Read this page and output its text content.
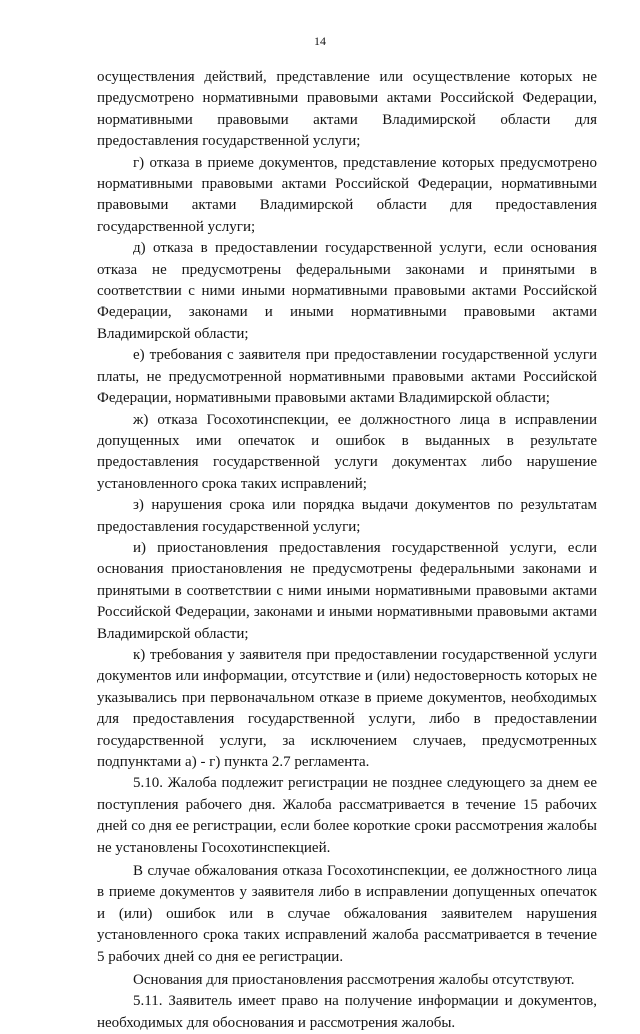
14

осуществления действий, представление или осуществление которых не предусмотрено нормативными правовыми актами Российской Федерации, нормативными правовыми актами Владимирской области для предоставления государственной услуги;

г) отказа в приеме документов, представление которых предусмотрено нормативными правовыми актами Российской Федерации, нормативными правовыми актами Владимирской области для предоставления государственной услуги;

д) отказа в предоставлении государственной услуги, если основания отказа не предусмотрены федеральными законами и принятыми в соответствии с ними иными нормативными правовыми актами Российской Федерации, законами и иными нормативными правовыми актами Владимирской области;

е) требования с заявителя при предоставлении государственной услуги платы, не предусмотренной нормативными правовыми актами Российской Федерации, нормативными правовыми актами Владимирской области;

ж) отказа Госохотинспекции, ее должностного лица в исправлении допущенных ими опечаток и ошибок в выданных в результате предоставления государственной услуги документах либо нарушение установленного срока таких исправлений;

з) нарушения срока или порядка выдачи документов по результатам предоставления государственной услуги;

и) приостановления предоставления государственной услуги, если основания приостановления не предусмотрены федеральными законами и принятыми в соответствии с ними иными нормативными правовыми актами Российской Федерации, законами и иными нормативными правовыми актами Владимирской области;

к) требования у заявителя при предоставлении государственной услуги документов или информации, отсутствие и (или) недостоверность которых не указывались при первоначальном отказе в приеме документов, необходимых для предоставления государственной услуги, либо в предоставлении государственной услуги, за исключением случаев, предусмотренных подпунктами а) - г) пункта 2.7 регламента.

5.10. Жалоба подлежит регистрации не позднее следующего за днем ее поступления рабочего дня. Жалоба рассматривается в течение 15 рабочих дней со дня ее регистрации, если более короткие сроки рассмотрения жалобы не установлены Госохотинспекцией.

В случае обжалования отказа Госохотинспекции, ее должностного лица в приеме документов у заявителя либо в исправлении допущенных опечаток и (или) ошибок или в случае обжалования заявителем нарушения установленного срока таких исправлений жалоба рассматривается в течение 5 рабочих дней со дня ее регистрации.

Основания для приостановления рассмотрения жалобы отсутствуют.

5.11. Заявитель имеет право на получение информации и документов, необходимых для обоснования и рассмотрения жалобы.
